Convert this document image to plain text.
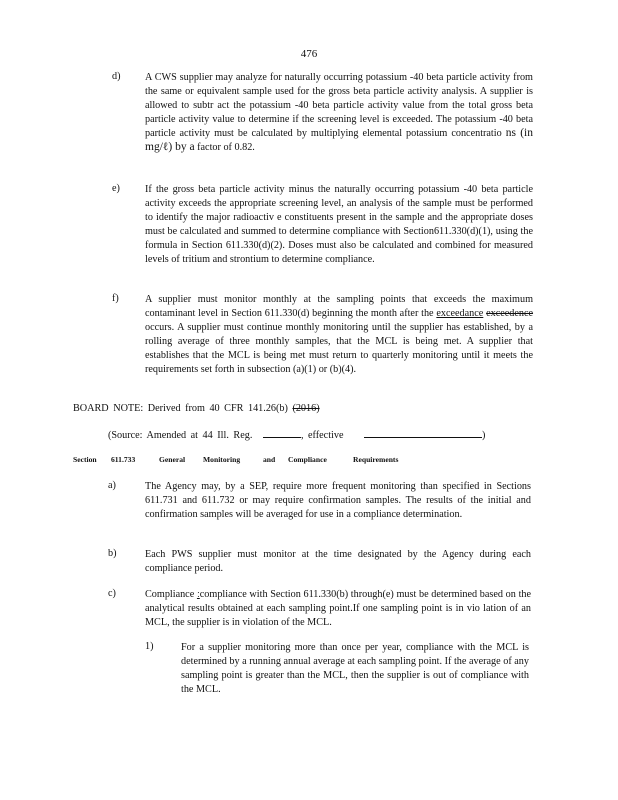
476
d) A CWS supplier may analyze for naturally occurring potassium -40 beta particle activity from the same or equivalent sample used for the gross beta particle activity analysis. A supplier is allowed to subtr act the potassium -40 beta particle activity value from the total gross beta particle activity value to determine if the screening level is exceeded. The potassium -40 beta particle activity must be calculated by multiplying elemental potassium concentratio ns (in mg/ℓ) by a factor of 0.82.

e) If the gross beta particle activity minus the naturally occurring potassium -40 beta particle activity exceeds the appropriate screening level, an analysis of the sample must be performed to identify the major radioactiv e constituents present in the sample and the appropriate doses must be calculated and summed to determine compliance with Section611.330(d)(1), using the formula in Section 611.330(d)(2). Doses must also be calculated and combined for measured levels of tritium and strontium to determine compliance.

f)	A supplier must monitor monthly at the sampling points that exceeds the maximum contaminant level in Section 611.330(d) beginning the month after the exceedance exceedence occurs. A supplier must continue monthly monitoring until the supplier has established, by a rolling average of three monthly samples, that the MCL is being met. A supplier that establishes that the MCL is being met must return to quarterly monitoring until it meets the requirements set forth in subsection (a)(1) or (b)(4).

BOARD NOTE: Derived from 40 CFR 141.26(b) (2016)
(Source: Amended at 44 Ill. Reg.	, effective	)
Section 611.733	General Monitoring	and Compliance	Requirements
a)	The Agency may, by a SEP, require more frequent monitoring than specified in Sections 611.731 and 611.732 or may require confirmation samples. The results of the initial and confirmation samples will be averaged for use in a compliance determination.

b)	Each PWS supplier must monitor at the time designated by the Agency during each compliance period.

c)	Compliance ːcompliance with Section 611.330(b) through(e) must be determined based on the analytical results obtained at each sampling point.If one sampling point is in vio lation of an MCL, the supplier is in violation of the MCL.

1)	For a supplier monitoring more than once per year, compliance with the MCL is determined by a running annual average at each sampling point. If the average of any sampling point is greater than the MCL, then the supplier is out of compliance with the MCL.
